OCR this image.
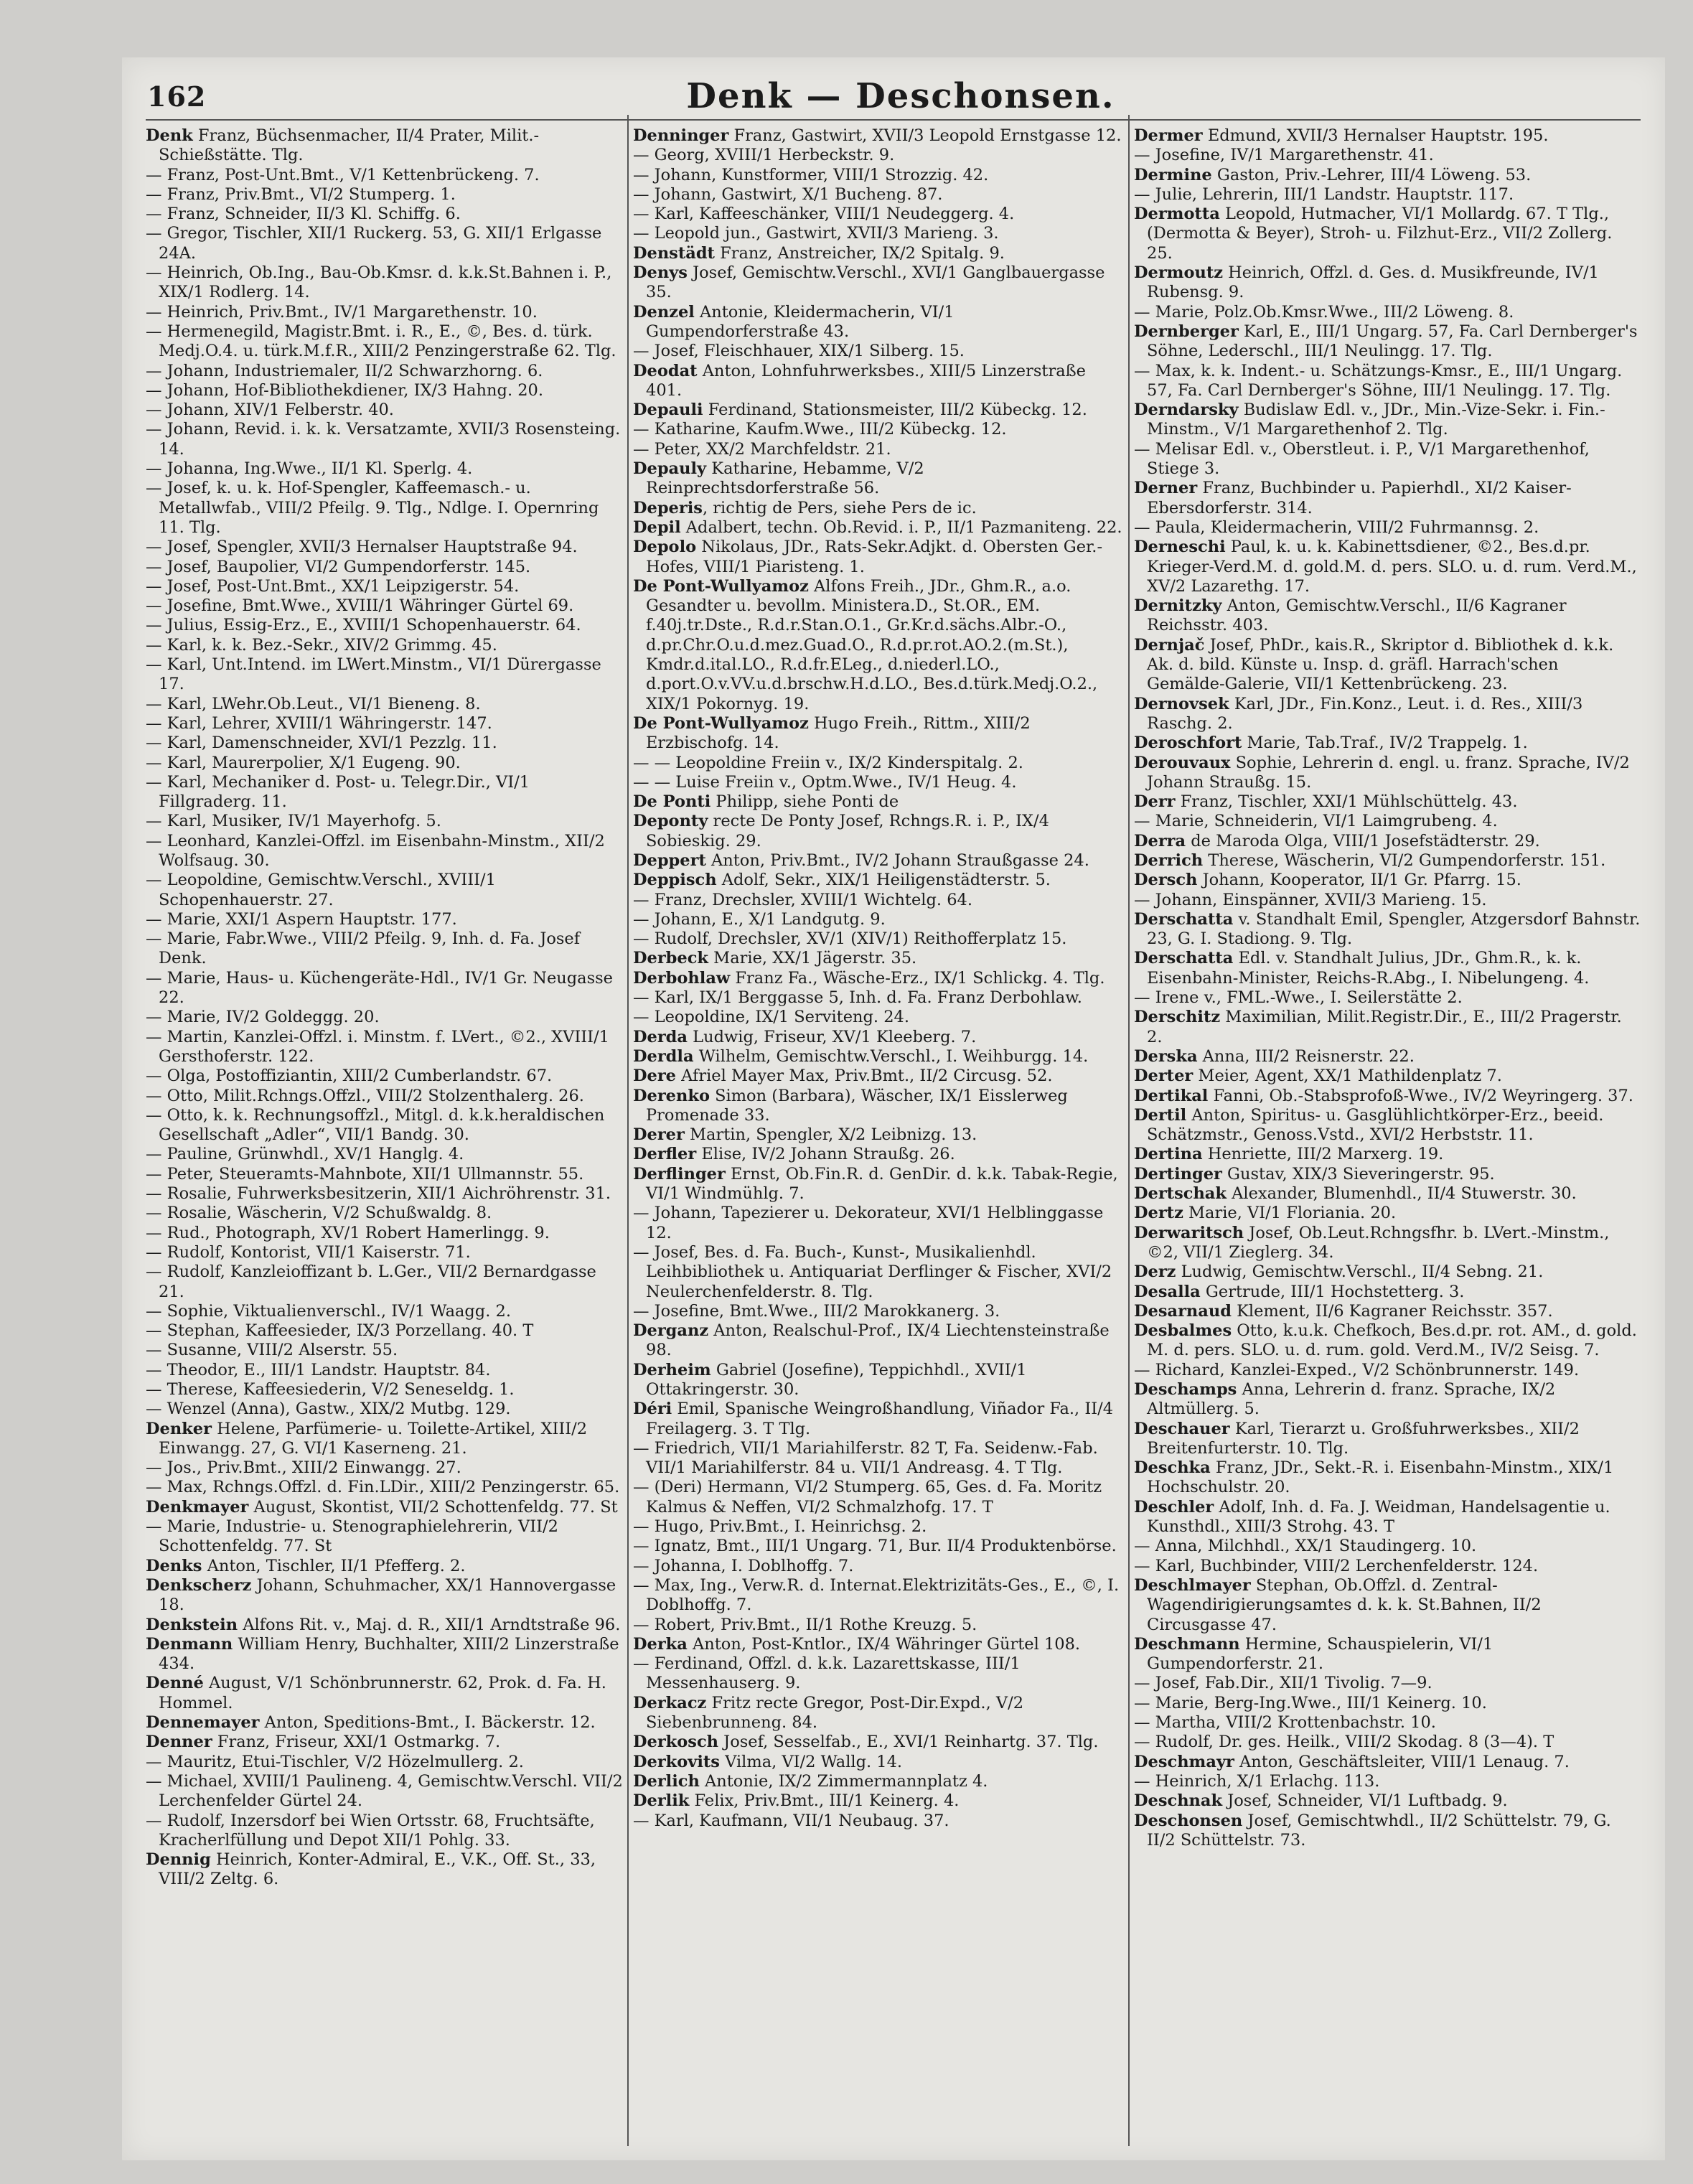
162	Denk — Deschonsen.

Denk Franz, Büchsenmacher, II/4 Prater, Milit.-Schießstätte. Tlg.

— Franz, Post-Unt.Bmt., V/1 Kettenbrückeng. 7.

— Franz, Priv.Bmt., VI/2 Stumperg. 1.

— Franz, Schneider, II/3 Kl. Schiffg. 6.

— Gregor, Tischler, XII/1 Ruckerg. 53, G. XII/1 Erlgasse 24A.

— Heinrich, Ob.Ing., Bau-Ob.Kmsr. d. k.k.St.Bahnen i. P., XIX/1 Rodlerg. 14.

— Heinrich, Priv.Bmt., IV/1 Margarethenstr. 10.

— Hermenegild, Magistr.Bmt. i. R., E., ©, Bes. d. türk. Medj.O.4. u. türk.M.f.R., XIII/2 Penzingerstraße 62. Tlg.

— Johann, Industriemaler, II/2 Schwarzhorng. 6.

— Johann, Hof-Bibliothekdiener, IX/3 Hahng. 20.

— Johann, XIV/1 Felberstr. 40.

— Johann, Revid. i. k. k. Versatzamte, XVII/3 Rosensteing. 14.

— Johanna, Ing.Wwe., II/1 Kl. Sperlg. 4.

— Josef, k. u. k. Hof-Spengler, Kaffeemasch.- u. Metallwfab., VIII/2 Pfeilg. 9. Tlg., Ndlge. I. Opernring 11. Tlg.

— Josef, Spengler, XVII/3 Hernalser Hauptstraße 94.

— Josef, Baupolier, VI/2 Gumpendorferstr. 145.

— Josef, Post-Unt.Bmt., XX/1 Leipzigerstr. 54.

— Josefine, Bmt.Wwe., XVIII/1 Währinger Gürtel 69.

— Julius, Essig-Erz., E., XVIII/1 Schopenhauerstr. 64.

— Karl, k. k. Bez.-Sekr., XIV/2 Grimmg. 45.

— Karl, Unt.Intend. im LWert.Minstm., VI/1 Dürergasse 17.

— Karl, LWehr.Ob.Leut., VI/1 Bieneng. 8.

— Karl, Lehrer, XVIII/1 Währingerstr. 147.

— Karl, Damenschneider, XVI/1 Pezzlg. 11.

— Karl, Maurerpolier, X/1 Eugeng. 90.

— Karl, Mechaniker d. Post- u. Telegr.Dir., VI/1 Fillgraderg. 11.

— Karl, Musiker, IV/1 Mayerhofg. 5.

— Leonhard, Kanzlei-Offzl. im Eisenbahn-Minstm., XII/2 Wolfsaug. 30.

— Leopoldine, Gemischtw.Verschl., XVIII/1 Schopenhauerstr. 27.

— Marie, XXI/1 Aspern Hauptstr. 177.

— Marie, Fabr.Wwe., VIII/2 Pfeilg. 9, Inh. d. Fa. Josef Denk.

— Marie, Haus- u. Küchengeräte-Hdl., IV/1 Gr. Neugasse 22.

— Marie, IV/2 Goldeggg. 20.

— Martin, Kanzlei-Offzl. i. Minstm. f. LVert., ©2., XVIII/1 Gersthoferstr. 122.

— Olga, Postoffiziantin, XIII/2 Cumberlandstr. 67.

— Otto, Milit.Rchngs.Offzl., VIII/2 Stolzenthalerg. 26.

— Otto, k. k. Rechnungsoffzl., Mitgl. d. k.k.heraldischen Gesellschaft „Adler“, VII/1 Bandg. 30.

— Pauline, Grünwhdl., XV/1 Hanglg. 4.

— Peter, Steueramts-Mahnbote, XII/1 Ullmannstr. 55.

— Rosalie, Fuhrwerksbesitzerin, XII/1 Aichröhrenstr. 31.

— Rosalie, Wäscherin, V/2 Schußwaldg. 8.

— Rud., Photograph, XV/1 Robert Hamerlingg. 9.

— Rudolf, Kontorist, VII/1 Kaiserstr. 71.

— Rudolf, Kanzleioffizant b. L.Ger., VII/2 Bernardgasse 21.

— Sophie, Viktualienverschl., IV/1 Waagg. 2.

— Stephan, Kaffeesieder, IX/3 Porzellang. 40. T

— Susanne, VIII/2 Alserstr. 55.

— Theodor, E., III/1 Landstr. Hauptstr. 84.

— Therese, Kaffeesiederin, V/2 Seneseldg. 1.

— Wenzel (Anna), Gastw., XIX/2 Mutbg. 129.

Denker Helene, Parfümerie- u. Toilette-Artikel, XIII/2 Einwangg. 27, G. VI/1 Kaserneng. 21.

— Jos., Priv.Bmt., XIII/2 Einwangg. 27.

— Max, Rchngs.Offzl. d. Fin.LDir., XIII/2 Penzingerstr. 65.

Denkmayer August, Skontist, VII/2 Schottenfeldg. 77. St

— Marie, Industrie- u. Stenographielehrerin, VII/2 Schottenfeldg. 77. St

Denks Anton, Tischler, II/1 Pfefferg. 2.

Denkscherz Johann, Schuhmacher, XX/1 Hannovergasse 18.

Denkstein Alfons Rit. v., Maj. d. R., XII/1 Arndtstraße 96.

Denmann William Henry, Buchhalter, XIII/2 Linzerstraße 434.

Denné August, V/1 Schönbrunnerstr. 62, Prok. d. Fa. H. Hommel.

Dennemayer Anton, Speditions-Bmt., I. Bäckerstr. 12.

Denner Franz, Friseur, XXI/1 Ostmarkg. 7.

— Mauritz, Etui-Tischler, V/2 Hözelmullerg. 2.

— Michael, XVIII/1 Paulineng. 4, Gemischtw.Verschl. VII/2 Lerchenfelder Gürtel 24.

— Rudolf, Inzersdorf bei Wien Ortsstr. 68, Fruchtsäfte, Kracherlfüllung und Depot XII/1 Pohlg. 33.

Dennig Heinrich, Konter-Admiral, E., V.K., Off. St., 33, VIII/2 Zeltg. 6.

Denninger Franz, Gastwirt, XVII/3 Leopold Ernstgasse 12.

— Georg, XVIII/1 Herbeckstr. 9.

— Johann, Kunstformer, VIII/1 Strozzig. 42.

— Johann, Gastwirt, X/1 Bucheng. 87.

— Karl, Kaffeeschänker, VIII/1 Neudeggerg. 4.

— Leopold jun., Gastwirt, XVII/3 Marieng. 3.

Denstädt Franz, Anstreicher, IX/2 Spitalg. 9.

Denys Josef, Gemischtw.Verschl., XVI/1 Ganglbauergasse 35.

Denzel Antonie, Kleidermacherin, VI/1 Gumpendorferstraße 43.

— Josef, Fleischhauer, XIX/1 Silberg. 15.

Deodat Anton, Lohnfuhrwerksbes., XIII/5 Linzerstraße 401.

Depauli Ferdinand, Stationsmeister, III/2 Kübeckg. 12.

— Katharine, Kaufm.Wwe., III/2 Kübeckg. 12.

— Peter, XX/2 Marchfeldstr. 21.

Depauly Katharine, Hebamme, V/2 Reinprechtsdorferstraße 56.

Deperis, richtig de Pers, siehe Pers de ic.

Depil Adalbert, techn. Ob.Revid. i. P., II/1 Pazmaniteng. 22.

Depolo Nikolaus, JDr., Rats-Sekr.Adjkt. d. Obersten Ger.-Hofes, VIII/1 Piaristeng. 1.

De Pont-Wullyamoz Alfons Freih., JDr., Ghm.R., a.o. Gesandter u. bevollm. Ministera.D., St.OR., EM. f.40j.tr.Dste., R.d.r.Stan.O.1., Gr.Kr.d.sächs.Albr.-O., d.pr.Chr.O.u.d.mez.Guad.O., R.d.pr.rot.AO.2.(m.St.), Kmdr.d.ital.LO., R.d.fr.ELeg., d.niederl.LO., d.port.O.v.VV.u.d.brschw.H.d.LO., Bes.d.türk.Medj.O.2., XIX/1 Pokornyg. 19.

De Pont-Wullyamoz Hugo Freih., Rittm., XIII/2 Erzbischofg. 14.

— — Leopoldine Freiin v., IX/2 Kinderspitalg. 2.

— — Luise Freiin v., Optm.Wwe., IV/1 Heug. 4.

De Ponti Philipp, siehe Ponti de

Deponty recte De Ponty Josef, Rchngs.R. i. P., IX/4 Sobieskig. 29.

Deppert Anton, Priv.Bmt., IV/2 Johann Straußgasse 24.

Deppisch Adolf, Sekr., XIX/1 Heiligenstädterstr. 5.

— Franz, Drechsler, XVIII/1 Wichtelg. 64.

— Johann, E., X/1 Landgutg. 9.

— Rudolf, Drechsler, XV/1 (XIV/1) Reithofferplatz 15.

Derbeck Marie, XX/1 Jägerstr. 35.

Derbohlaw Franz Fa., Wäsche-Erz., IX/1 Schlickg. 4. Tlg.

— Karl, IX/1 Berggasse 5, Inh. d. Fa. Franz Derbohlaw.

— Leopoldine, IX/1 Serviteng. 24.

Derda Ludwig, Friseur, XV/1 Kleeberg. 7.

Derdla Wilhelm, Gemischtw.Verschl., I. Weihburgg. 14.

Dere Afriel Mayer Max, Priv.Bmt., II/2 Circusg. 52.

Derenko Simon (Barbara), Wäscher, IX/1 Eisslerweg Promenade 33.

Derer Martin, Spengler, X/2 Leibnizg. 13.

Derfler Elise, IV/2 Johann Straußg. 26.

Derflinger Ernst, Ob.Fin.R. d. GenDir. d. k.k. Tabak-Regie, VI/1 Windmühlg. 7.

— Johann, Tapezierer u. Dekorateur, XVI/1 Helblinggasse 12.

— Josef, Bes. d. Fa. Buch-, Kunst-, Musikalienhdl. Leihbibliothek u. Antiquariat Derflinger & Fischer, XVI/2 Neulerchenfelderstr. 8. Tlg.

— Josefine, Bmt.Wwe., III/2 Marokkanerg. 3.

Derganz Anton, Realschul-Prof., IX/4 Liechtensteinstraße 98.

Derheim Gabriel (Josefine), Teppichhdl., XVII/1 Ottakringerstr. 30.

Déri Emil, Spanische Weingroßhandlung, Viñador Fa., II/4 Freilagerg. 3. T Tlg.

— Friedrich, VII/1 Mariahilferstr. 82 T, Fa. Seidenw.-Fab. VII/1 Mariahilferstr. 84 u. VII/1 Andreasg. 4. T Tlg.

— (Deri) Hermann, VI/2 Stumperg. 65, Ges. d. Fa. Moritz Kalmus & Neffen, VI/2 Schmalzhofg. 17. T

— Hugo, Priv.Bmt., I. Heinrichsg. 2.

— Ignatz, Bmt., III/1 Ungarg. 71, Bur. II/4 Produktenbörse.

— Johanna, I. Doblhoffg. 7.

— Max, Ing., Verw.R. d. Internat.Elektrizitäts-Ges., E., ©, I. Doblhoffg. 7.

— Robert, Priv.Bmt., II/1 Rothe Kreuzg. 5.

Derka Anton, Post-Kntlor., IX/4 Währinger Gürtel 108.

— Ferdinand, Offzl. d. k.k. Lazarettskasse, III/1 Messenhauserg. 9.

Derkacz Fritz recte Gregor, Post-Dir.Expd., V/2 Siebenbrunneng. 84.

Derkosch Josef, Sesselfab., E., XVI/1 Reinhartg. 37. Tlg.

Derkovits Vilma, VI/2 Wallg. 14.

Derlich Antonie, IX/2 Zimmermannplatz 4.

Derlik Felix, Priv.Bmt., III/1 Keinerg. 4.

— Karl, Kaufmann, VII/1 Neubaug. 37.

Dermer Edmund, XVII/3 Hernalser Hauptstr. 195.

— Josefine, IV/1 Margarethenstr. 41.

Dermine Gaston, Priv.-Lehrer, III/4 Löweng. 53.

— Julie, Lehrerin, III/1 Landstr. Hauptstr. 117.

Dermotta Leopold, Hutmacher, VI/1 Mollardg. 67. T Tlg., (Dermotta & Beyer), Stroh- u. Filzhut-Erz., VII/2 Zollerg. 25.

Dermoutz Heinrich, Offzl. d. Ges. d. Musikfreunde, IV/1 Rubensg. 9.

— Marie, Polz.Ob.Kmsr.Wwe., III/2 Löweng. 8.

Dernberger Karl, E., III/1 Ungarg. 57, Fa. Carl Dernberger's Söhne, Lederschl., III/1 Neulingg. 17. Tlg.

— Max, k. k. Indent.- u. Schätzungs-Kmsr., E., III/1 Ungarg. 57, Fa. Carl Dernberger's Söhne, III/1 Neulingg. 17. Tlg.

Derndarsky Budislaw Edl. v., JDr., Min.-Vize-Sekr. i. Fin.-Minstm., V/1 Margarethenhof 2. Tlg.

— Melisar Edl. v., Oberstleut. i. P., V/1 Margarethenhof, Stiege 3.

Derner Franz, Buchbinder u. Papierhdl., XI/2 Kaiser-Ebersdorferstr. 314.

— Paula, Kleidermacherin, VIII/2 Fuhrmannsg. 2.

Derneschi Paul, k. u. k. Kabinettsdiener, ©2., Bes.d.pr. Krieger-Verd.M. d. gold.M. d. pers. SLO. u. d. rum. Verd.M., XV/2 Lazarethg. 17.

Dernitzky Anton, Gemischtw.Verschl., II/6 Kagraner Reichsstr. 403.

Dernjač Josef, PhDr., kais.R., Skriptor d. Bibliothek d. k.k. Ak. d. bild. Künste u. Insp. d. gräfl. Harrach'schen Gemälde-Galerie, VII/1 Kettenbrückeng. 23.

Dernovsek Karl, JDr., Fin.Konz., Leut. i. d. Res., XIII/3 Raschg. 2.

Deroschfort Marie, Tab.Traf., IV/2 Trappelg. 1.

Derouvaux Sophie, Lehrerin d. engl. u. franz. Sprache, IV/2 Johann Straußg. 15.

Derr Franz, Tischler, XXI/1 Mühlschüttelg. 43.

— Marie, Schneiderin, VI/1 Laimgrubeng. 4.

Derra de Maroda Olga, VIII/1 Josefstädterstr. 29.

Derrich Therese, Wäscherin, VI/2 Gumpendorferstr. 151.

Dersch Johann, Kooperator, II/1 Gr. Pfarrg. 15.

— Johann, Einspänner, XVII/3 Marieng. 15.

Derschatta v. Standhalt Emil, Spengler, Atzgersdorf Bahnstr. 23, G. I. Stadiong. 9. Tlg.

Derschatta Edl. v. Standhalt Julius, JDr., Ghm.R., k. k. Eisenbahn-Minister, Reichs-R.Abg., I. Nibelungeng. 4.

— Irene v., FML.-Wwe., I. Seilerstätte 2.

Derschitz Maximilian, Milit.Registr.Dir., E., III/2 Pragerstr. 2.

Derska Anna, III/2 Reisnerstr. 22.

Derter Meier, Agent, XX/1 Mathildenplatz 7.

Dertikal Fanni, Ob.-Stabsprofoß-Wwe., IV/2 Weyringerg. 37.

Dertil Anton, Spiritus- u. Gasglühlichtkörper-Erz., beeid. Schätzmstr., Genoss.Vstd., XVI/2 Herbststr. 11.

Dertina Henriette, III/2 Marxerg. 19.

Dertinger Gustav, XIX/3 Sieveringerstr. 95.

Dertschak Alexander, Blumenhdl., II/4 Stuwerstr. 30.

Dertz Marie, VI/1 Floriania. 20.

Derwaritsch Josef, Ob.Leut.Rchngsfhr. b. LVert.-Minstm., ©2, VII/1 Zieglerg. 34.

Derz Ludwig, Gemischtw.Verschl., II/4 Sebng. 21.

Desalla Gertrude, III/1 Hochstetterg. 3.

Desarnaud Klement, II/6 Kagraner Reichsstr. 357.

Desbalmes Otto, k.u.k. Chefkoch, Bes.d.pr. rot. AM., d. gold. M. d. pers. SLO. u. d. rum. gold. Verd.M., IV/2 Seisg. 7.

— Richard, Kanzlei-Exped., V/2 Schönbrunnerstr. 149.

Deschamps Anna, Lehrerin d. franz. Sprache, IX/2 Altmüllerg. 5.

Deschauer Karl, Tierarzt u. Großfuhrwerksbes., XII/2 Breitenfurterstr. 10. Tlg.

Deschka Franz, JDr., Sekt.-R. i. Eisenbahn-Minstm., XIX/1 Hochschulstr. 20.

Deschler Adolf, Inh. d. Fa. J. Weidman, Handelsagentie u. Kunsthdl., XIII/3 Strohg. 43. T

— Anna, Milchhdl., XX/1 Staudingerg. 10.

— Karl, Buchbinder, VIII/2 Lerchenfelderstr. 124.

Deschlmayer Stephan, Ob.Offzl. d. Zentral-Wagendirigierungsamtes d. k. k. St.Bahnen, II/2 Circusgasse 47.

Deschmann Hermine, Schauspielerin, VI/1 Gumpendorferstr. 21.

— Josef, Fab.Dir., XII/1 Tivolig. 7—9.

— Marie, Berg-Ing.Wwe., III/1 Keinerg. 10.

— Martha, VIII/2 Krottenbachstr. 10.

— Rudolf, Dr. ges. Heilk., VIII/2 Skodag. 8 (3—4). T

Deschmayr Anton, Geschäftsleiter, VIII/1 Lenaug. 7.

— Heinrich, X/1 Erlachg. 113.

Deschnak Josef, Schneider, VI/1 Luftbadg. 9.

Deschonsen Josef, Gemischtwhdl., II/2 Schüttelstr. 79, G. II/2 Schüttelstr. 73.
